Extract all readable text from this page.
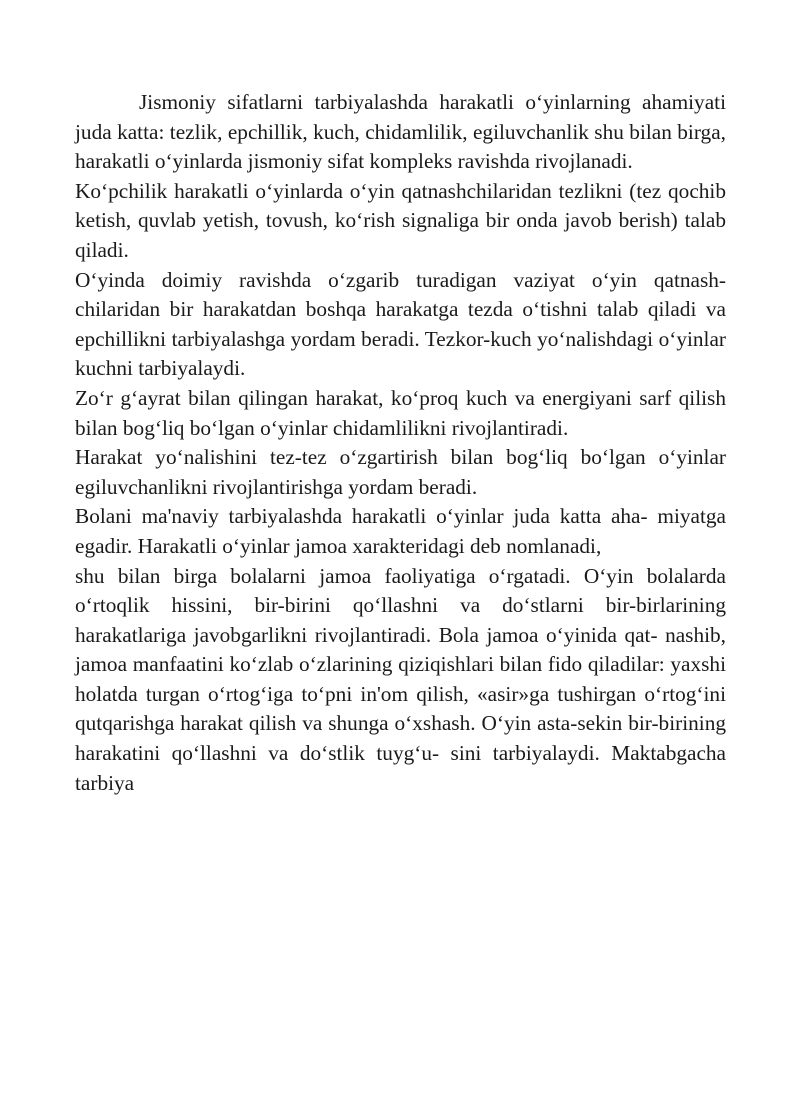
Jismoniy sifatlarni tarbiyalashda harakatli o‘yinlarning ahamiyati juda katta: tezlik, epchillik, kuch, chidamlilik, egiluvchanlik shu bilan birga, harakatli o‘yinlarda jismoniy sifat kompleks ravishda rivojlanadi.

Ko‘pchilik harakatli o‘yinlarda o‘yin qatnashchilaridan tezlikni (tez qochib ketish, quvlab yetish, tovush, ko‘rish signaliga bir onda javob berish) talab qiladi.

O‘yinda doimiy ravishda o‘zgarib turadigan vaziyat o‘yin qatnash- chilaridan bir harakatdan boshqa harakatga tezda o‘tishni talab qiladi va epchillikni tarbiyalashga yordam beradi. Tezkor-kuch yo‘nalishdagi o‘yinlar kuchni tarbiyalaydi.

Zo‘r g‘ayrat bilan qilingan harakat, ko‘proq kuch va energiyani sarf qilish bilan bog‘liq bo‘lgan o‘yinlar chidamlilikni rivojlantiradi.

Harakat yo‘nalishini tez-tez o‘zgartirish bilan bog‘liq bo‘lgan o‘yinlar egiluvchanlikni rivojlantirishga yordam beradi.

Bolani ma'naviy tarbiyalashda harakatli o‘yinlar juda katta aha- miyatga egadir. Harakatli o‘yinlar jamoa xarakteridagi deb nomlanadi,

shu bilan birga bolalarni jamoa faoliyatiga o‘rgatadi. O‘yin bolalarda o‘rtoqlik hissini, bir-birini qo‘llashni va do‘stlarni bir-birlarining harakatlariga javobgarlikni rivojlantiradi. Bola jamoa o‘yinida qat- nashib, jamoa manfaatini ko‘zlab o‘zlarining qiziqishlari bilan fido qiladilar: yaxshi holatda turgan o‘rtog‘iga to‘pni in'om qilish, «asir»ga tushirgan o‘rtog‘ini qutqarishga harakat qilish va shunga o‘xshash. O‘yin asta-sekin bir-birining harakatini qo‘llashni va do‘stlik tuyg‘u- sini tarbiyalaydi. Maktabgacha tarbiya
